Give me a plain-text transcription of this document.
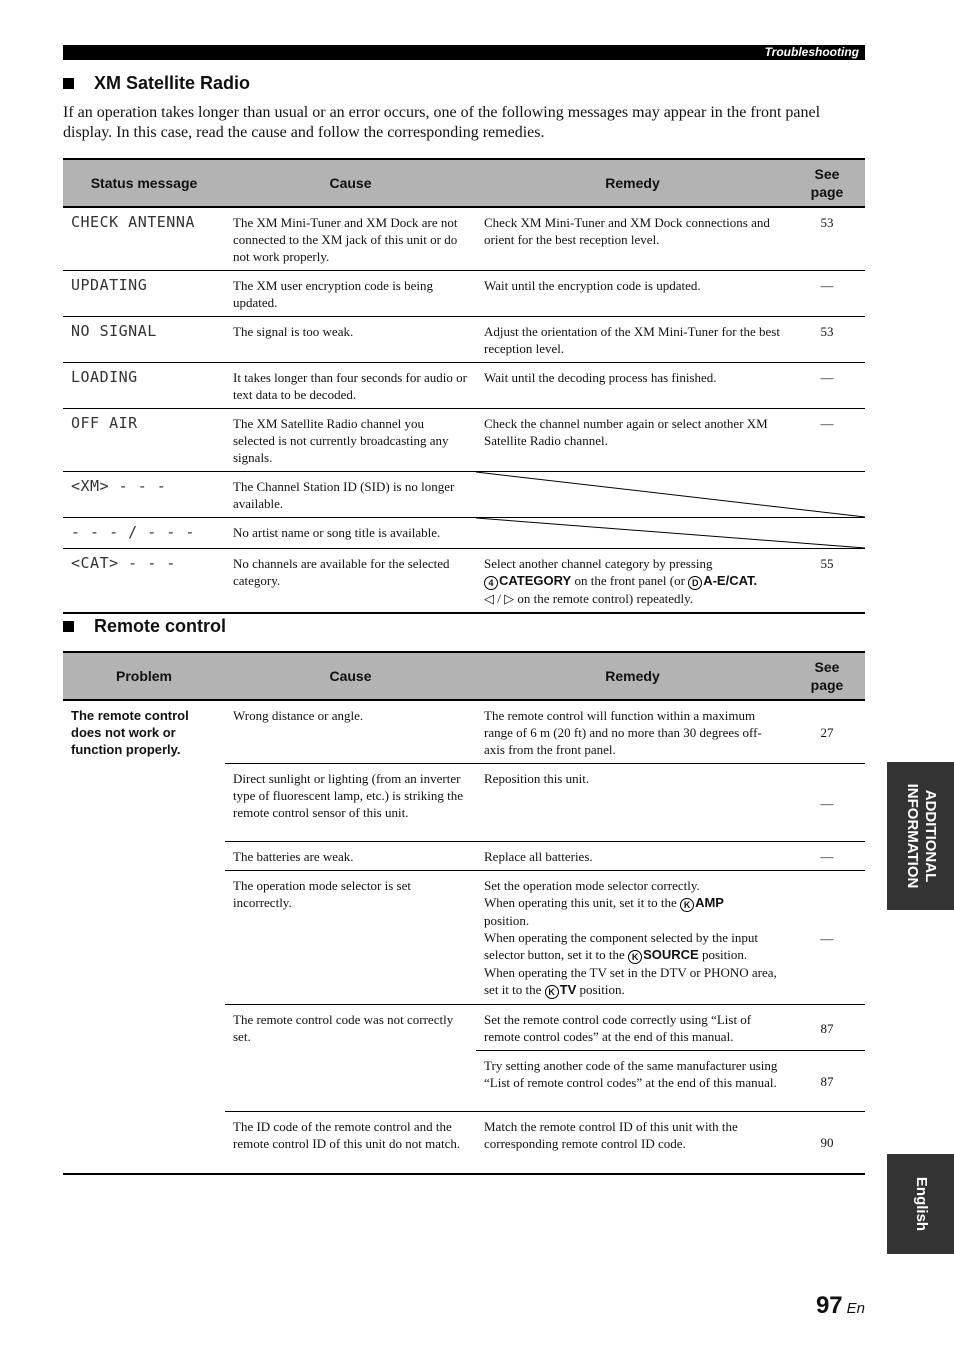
Troubleshooting
XM Satellite Radio
If an operation takes longer than usual or an error occurs, one of the following messages may appear in the front panel display. In this case, read the cause and follow the corresponding remedies.
Status message	Cause	Remedy	See page
CHECK ANTENNA	The XM Mini-Tuner and XM Dock are not connected to the XM jack of this unit or do not work properly.	Check XM Mini-Tuner and XM Dock connections and orient for the best reception level.	53
UPDATING	The XM user encryption code is being updated.	Wait until the encryption code is updated.	—
NO SIGNAL	The signal is too weak.	Adjust the orientation of the XM Mini-Tuner for the best reception level.	53
LOADING	It takes longer than four seconds for audio or text data to be decoded.	Wait until the decoding process has finished.	—
OFF AIR	The XM Satellite Radio channel you selected is not currently broadcasting any signals.	Check the channel number again or select another XM Satellite Radio channel.	—
<XM> - - -	The Channel Station ID (SID) is no longer available.	

- - - / - - -	No artist name or song title is available.	

<CAT> - - -	No channels are available for the selected category.	Select another channel category by pressing
4 CATEGORY on the front panel (or D A-E/CAT.
◁ / ▷ on the remote control) repeatedly.	55
Remote control
Problem	Cause	Remedy	See page
The remote control does not work or function properly.	Wrong distance or angle.	The remote control will function within a maximum range of 6 m (20 ft) and no more than 30 degrees off-axis from the front panel.	27
	Direct sunlight or lighting (from an inverter type of fluorescent lamp, etc.) is striking the remote control sensor of this unit.	Reposition this unit.	—
	The batteries are weak.	Replace all batteries.	—
	The operation mode selector is set incorrectly.	Set the operation mode selector correctly.
When operating this unit, set it to the K AMP
position.
When operating the component selected by the input selector button, set it to the K SOURCE position.
When operating the TV set in the DTV or PHONO area, set it to the K TV position.	—
	The remote control code was not correctly set.	Set the remote control code correctly using “List of remote control codes” at the end of this manual.	87
		Try setting another code of the same manufacturer using “List of remote control codes” at the end of this manual.	87
	The ID code of the remote control and the remote control ID of this unit do not match.	Match the remote control ID of this unit with the corresponding remote control ID code.	90
ADDITIONAL
INFORMATION
English
97 En
